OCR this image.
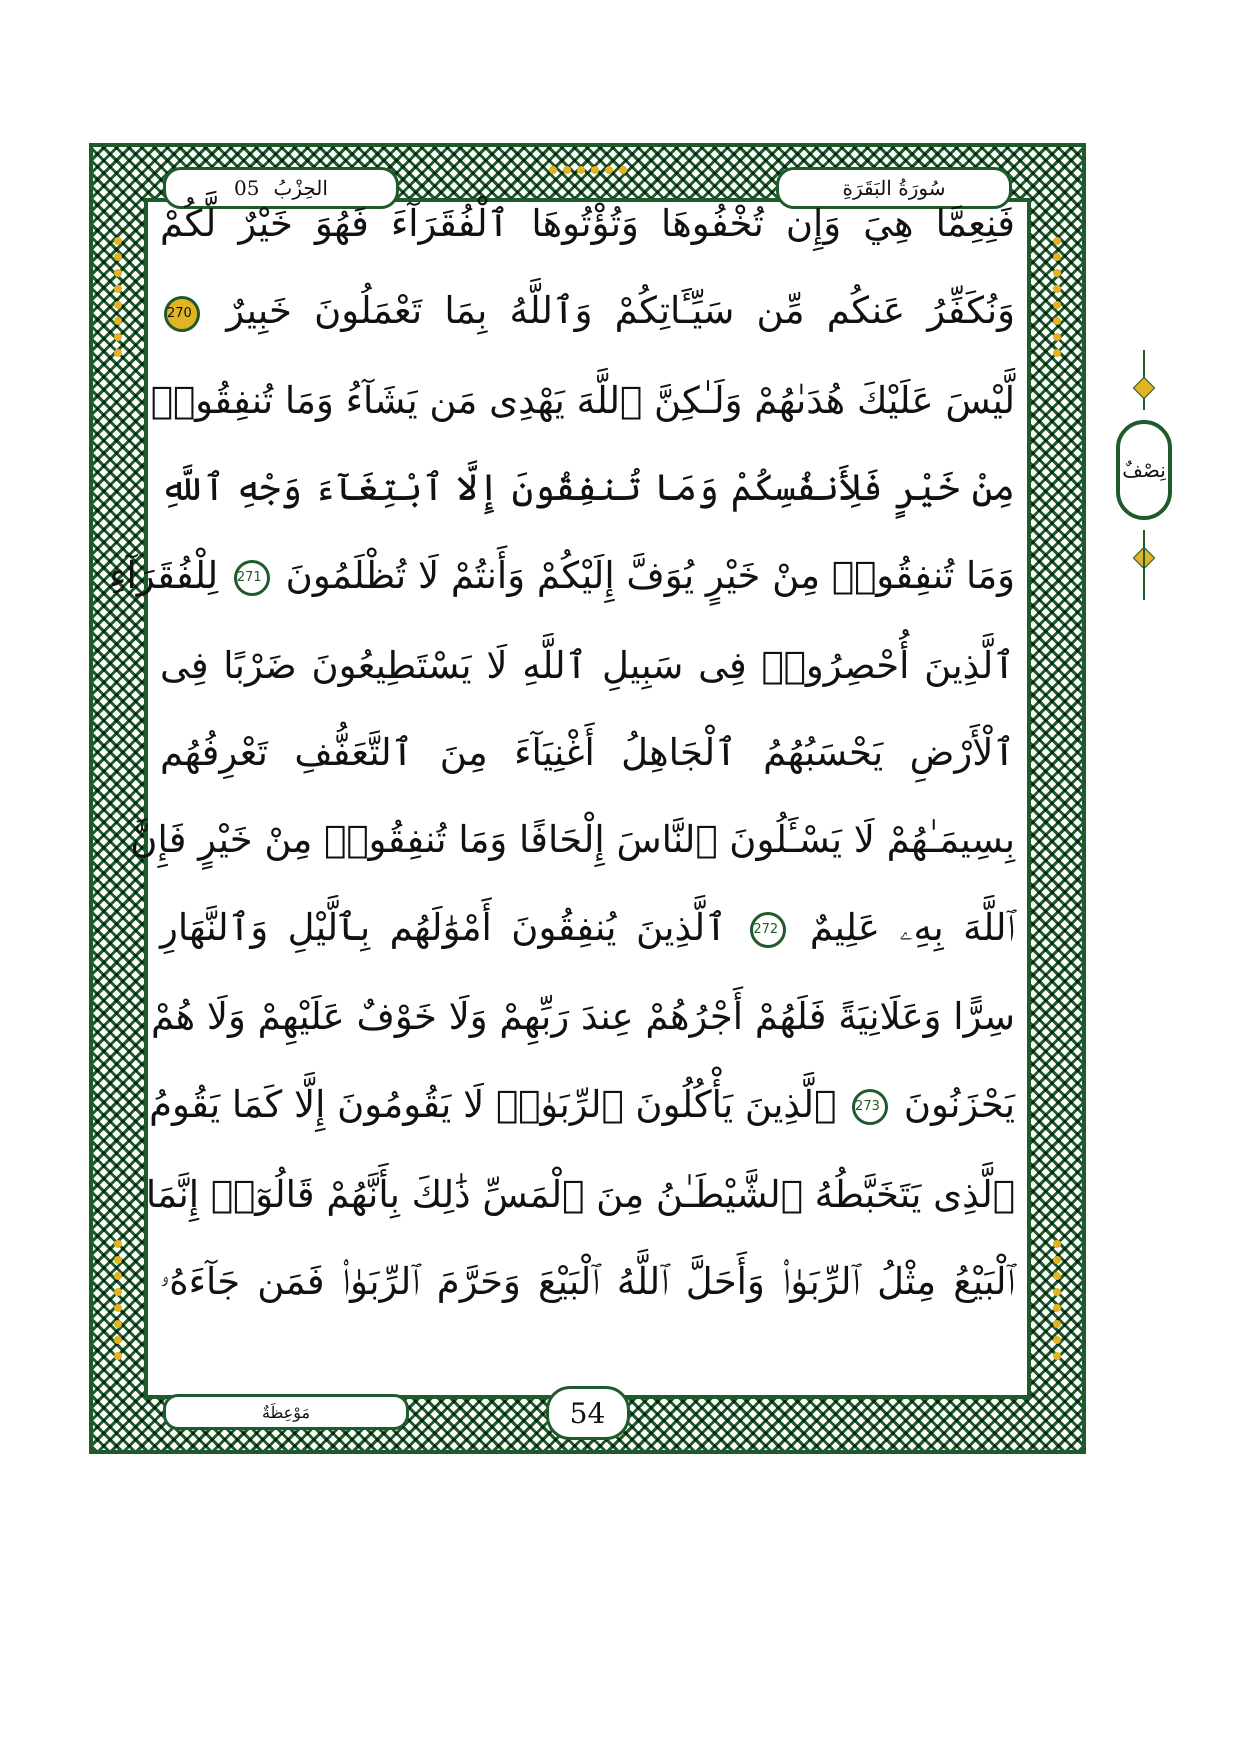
05 الحِزْبُ	سُورَةُ البَقَرَةِ
مَوْعِظَةٌ	54
فَنِعِمَّا هِيَ وَإِن تُخْفُوهَا وَتُؤْتُوهَا ٱلْفُقَرَآءَ فَهُوَ خَيْرٌ لَّكُمْ
وَنُكَفِّرُ عَنكُم مِّن سَيِّـَٔاتِكُمْ وَٱللَّهُ بِمَا تَعْمَلُونَ خَبِيرٌ 270
لَّيْسَ عَلَيْكَ هُدَىٰهُمْ وَلَـٰكِنَّ ٱللَّهَ يَهْدِى مَن يَشَآءُ وَمَا تُنفِقُوا۟
مِنْ خَيْرٍ فَلِأَنفُسِكُمْ وَمَا تُنفِقُونَ إِلَّا ٱبْتِغَآءَ وَجْهِ ٱللَّهِ
وَمَا تُنفِقُوا۟ مِنْ خَيْرٍ يُوَفَّ إِلَيْكُمْ وَأَنتُمْ لَا تُظْلَمُونَ 271 لِلْفُقَرَآءِ
ٱلَّذِينَ أُحْصِرُوا۟ فِى سَبِيلِ ٱللَّهِ لَا يَسْتَطِيعُونَ ضَرْبًا فِى
ٱلْأَرْضِ يَحْسَبُهُمُ ٱلْجَاهِلُ أَغْنِيَآءَ مِنَ ٱلتَّعَفُّفِ تَعْرِفُهُم
بِسِيمَـٰهُمْ لَا يَسْـَٔلُونَ ٱلنَّاسَ إِلْحَافًا وَمَا تُنفِقُوا۟ مِنْ خَيْرٍ فَإِنَّ
ٱللَّهَ بِهِۦ عَلِيمٌ 272 ٱلَّذِينَ يُنفِقُونَ أَمْوَٰلَهُم بِٱلَّيْلِ وَٱلنَّهَارِ
سِرًّا وَعَلَانِيَةً فَلَهُمْ أَجْرُهُمْ عِندَ رَبِّهِمْ وَلَا خَوْفٌ عَلَيْهِمْ وَلَا هُمْ
يَحْزَنُونَ 273 ٱلَّذِينَ يَأْكُلُونَ ٱلرِّبَوٰا۟ لَا يَقُومُونَ إِلَّا كَمَا يَقُومُ
ٱلَّذِى يَتَخَبَّطُهُ ٱلشَّيْطَـٰنُ مِنَ ٱلْمَسِّ ذَٰلِكَ بِأَنَّهُمْ قَالُوٓا۟ إِنَّمَا
ٱلْبَيْعُ مِثْلُ ٱلرِّبَوٰا۟ وَأَحَلَّ ٱللَّهُ ٱلْبَيْعَ وَحَرَّمَ ٱلرِّبَوٰا۟ فَمَن جَآءَهُۥ
نِصْفٌ
